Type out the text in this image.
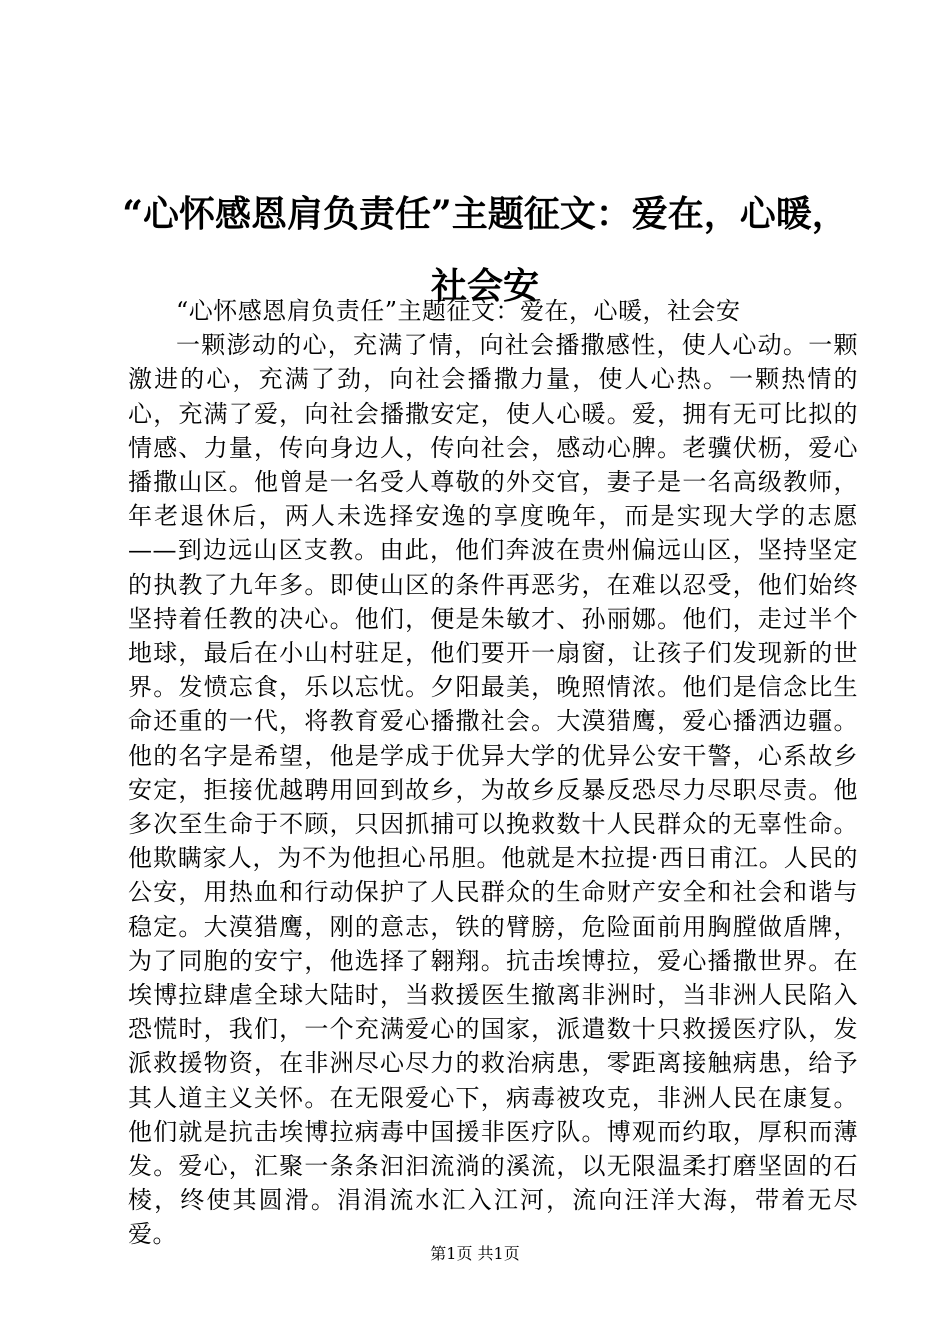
“心怀感恩肩负责任”主题征文：爱在，心暖，社会安

“心怀感恩肩负责任”主题征文：爱在，心暖，社会安

一颗澎动的心，充满了情，向社会播撒感性，使人心动。一颗激进的心，充满了劲，向社会播撒力量，使人心热。一颗热情的心，充满了爱，向社会播撒安定，使人心暖。爱，拥有无可比拟的情感、力量，传向身边人，传向社会，感动心脾。老骥伏枥，爱心播撒山区。他曾是一名受人尊敬的外交官，妻子是一名高级教师，年老退休后，两人未选择安逸的享度晚年，而是实现大学的志愿——到边远山区支教。由此，他们奔波在贵州偏远山区，坚持坚定的执教了九年多。即使山区的条件再恶劣，在难以忍受，他们始终坚持着任教的决心。他们，便是朱敏才、孙丽娜。他们，走过半个地球，最后在小山村驻足，他们要开一扇窗，让孩子们发现新的世界。发愤忘食，乐以忘忧。夕阳最美，晚照情浓。他们是信念比生命还重的一代，将教育爱心播撒社会。大漠猎鹰，爱心播洒边疆。他的名字是希望，他是学成于优异大学的优异公安干警，心系故乡安定，拒接优越聘用回到故乡，为故乡反暴反恐尽力尽职尽责。他多次至生命于不顾，只因抓捕可以挽救数十人民群众的无辜性命。他欺瞒家人，为不为他担心吊胆。他就是木拉提·西日甫江。人民的公安，用热血和行动保护了人民群众的生命财产安全和社会和谐与稳定。大漠猎鹰，刚的意志，铁的臂膀，危险面前用胸膛做盾牌，为了同胞的安宁，他选择了翱翔。抗击埃博拉，爱心播撒世界。在埃博拉肆虐全球大陆时，当救援医生撤离非洲时，当非洲人民陷入恐慌时，我们，一个充满爱心的国家，派遣数十只救援医疗队，发派救援物资，在非洲尽心尽力的救治病患，零距离接触病患，给予其人道主义关怀。在无限爱心下，病毒被攻克，非洲人民在康复。他们就是抗击埃博拉病毒中国援非医疗队。博观而约取，厚积而薄发。爱心，汇聚一条条汩汩流淌的溪流，以无限温柔打磨坚固的石棱，终使其圆滑。涓涓流水汇入江河，流向汪洋大海，带着无尽爱。

第1页 共1页
